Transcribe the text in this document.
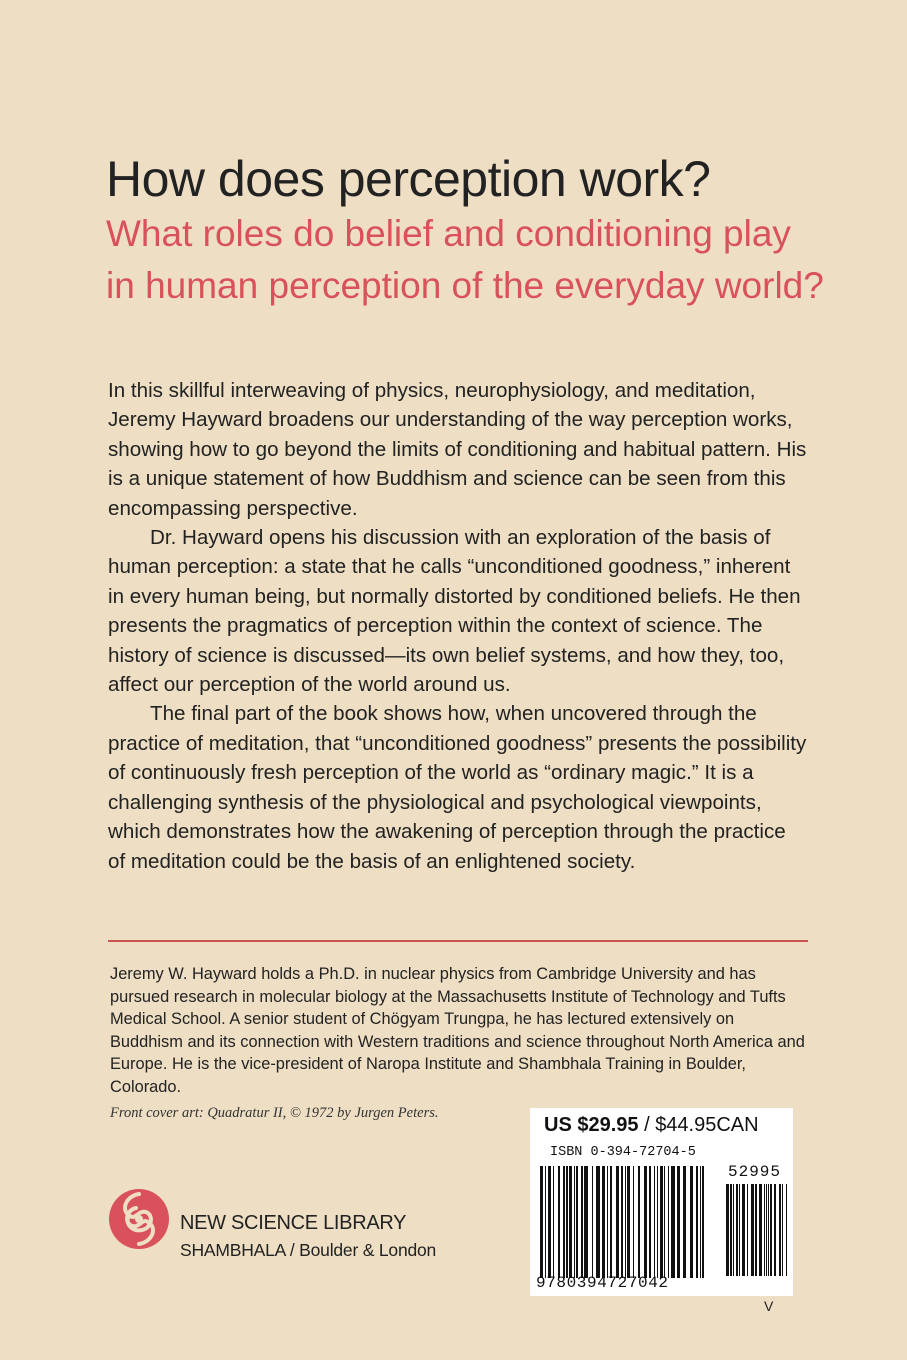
How does perception work?
What roles do belief and conditioning play in human perception of the everyday world?

In this skillful interweaving of physics, neurophysiology, and meditation, Jeremy Hayward broadens our understanding of the way perception works, showing how to go beyond the limits of conditioning and habitual pattern. His is a unique statement of how Buddhism and science can be seen from this encompassing perspective.

Dr. Hayward opens his discussion with an exploration of the basis of human perception: a state that he calls “unconditioned goodness,” inherent in every human being, but normally distorted by conditioned beliefs. He then presents the pragmatics of perception within the context of science. The history of science is discussed—its own belief systems, and how they, too, affect our perception of the world around us.

The final part of the book shows how, when uncovered through the practice of meditation, that “unconditioned goodness” presents the possibility of continuously fresh perception of the world as “ordinary magic.” It is a challenging synthesis of the physiological and psychological viewpoints, which demonstrates how the awakening of perception through the practice of meditation could be the basis of an enlightened society.

Jeremy W. Hayward holds a Ph.D. in nuclear physics from Cambridge University and has pursued research in molecular biology at the Massachusetts Institute of Technology and Tufts Medical School. A senior student of Chögyam Trungpa, he has lectured extensively on Buddhism and its connection with Western traditions and science throughout North America and Europe. He is the vice-president of Naropa Institute and Shambhala Training in Boulder, Colorado.
Front cover art: Quadratur II, © 1972 by Jurgen Peters.
US $29.95 / $44.95CAN
ISBN 0-394-72704-5
52995
9780394727042
V
NEW SCIENCE LIBRARY
SHAMBHALA / Boulder & London
